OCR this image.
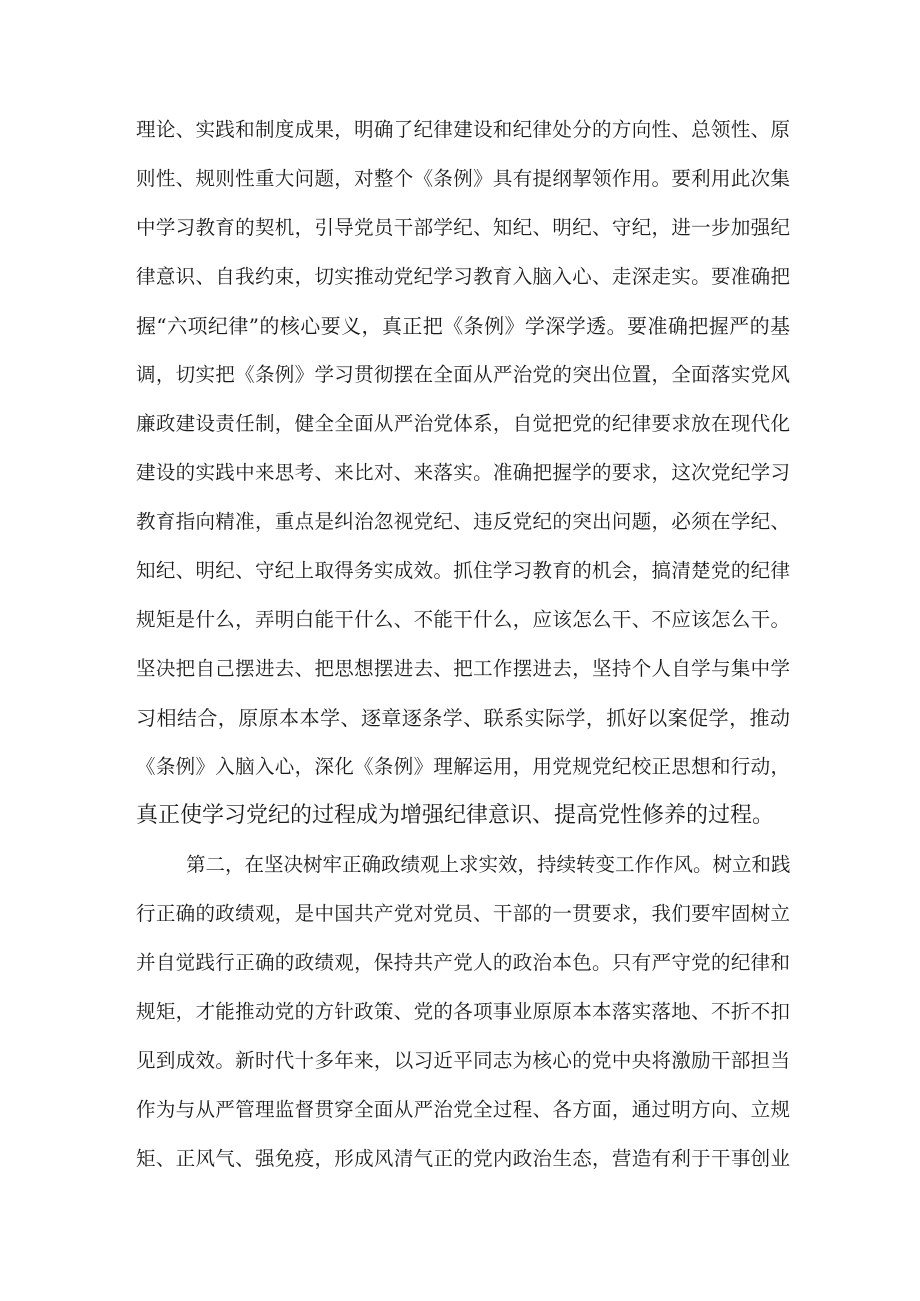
理论、实践和制度成果，明确了纪律建设和纪律处分的方向性、总领性、原
则性、规则性重大问题，对整个《条例》具有提纲挈领作用。要利用此次集
中学习教育的契机，引导党员干部学纪、知纪、明纪、守纪，进一步加强纪
律意识、自我约束，切实推动党纪学习教育入脑入心、走深走实。要准确把
握“六项纪律”的核心要义，真正把《条例》学深学透。要准确把握严的基
调，切实把《条例》学习贯彻摆在全面从严治党的突出位置，全面落实党风
廉政建设责任制，健全全面从严治党体系，自觉把党的纪律要求放在现代化
建设的实践中来思考、来比对、来落实。准确把握学的要求，这次党纪学习
教育指向精准，重点是纠治忽视党纪、违反党纪的突出问题，必须在学纪、
知纪、明纪、守纪上取得务实成效。抓住学习教育的机会，搞清楚党的纪律
规矩是什么，弄明白能干什么、不能干什么，应该怎么干、不应该怎么干。
坚决把自己摆进去、把思想摆进去、把工作摆进去，坚持个人自学与集中学
习相结合，原原本本学、逐章逐条学、联系实际学，抓好以案促学，推动
《条例》入脑入心，深化《条例》理解运用，用党规党纪校正思想和行动，
真正使学习党纪的过程成为增强纪律意识、提高党性修养的过程。
第二，在坚决树牢正确政绩观上求实效，持续转变工作作风。树立和践
行正确的政绩观，是中国共产党对党员、干部的一贯要求，我们要牢固树立
并自觉践行正确的政绩观，保持共产党人的政治本色。只有严守党的纪律和
规矩，才能推动党的方针政策、党的各项事业原原本本落实落地、不折不扣
见到成效。新时代十多年来，以习近平同志为核心的党中央将激励干部担当
作为与从严管理监督贯穿全面从严治党全过程、各方面，通过明方向、立规
矩、正风气、强免疫，形成风清气正的党内政治生态，营造有利于干事创业
